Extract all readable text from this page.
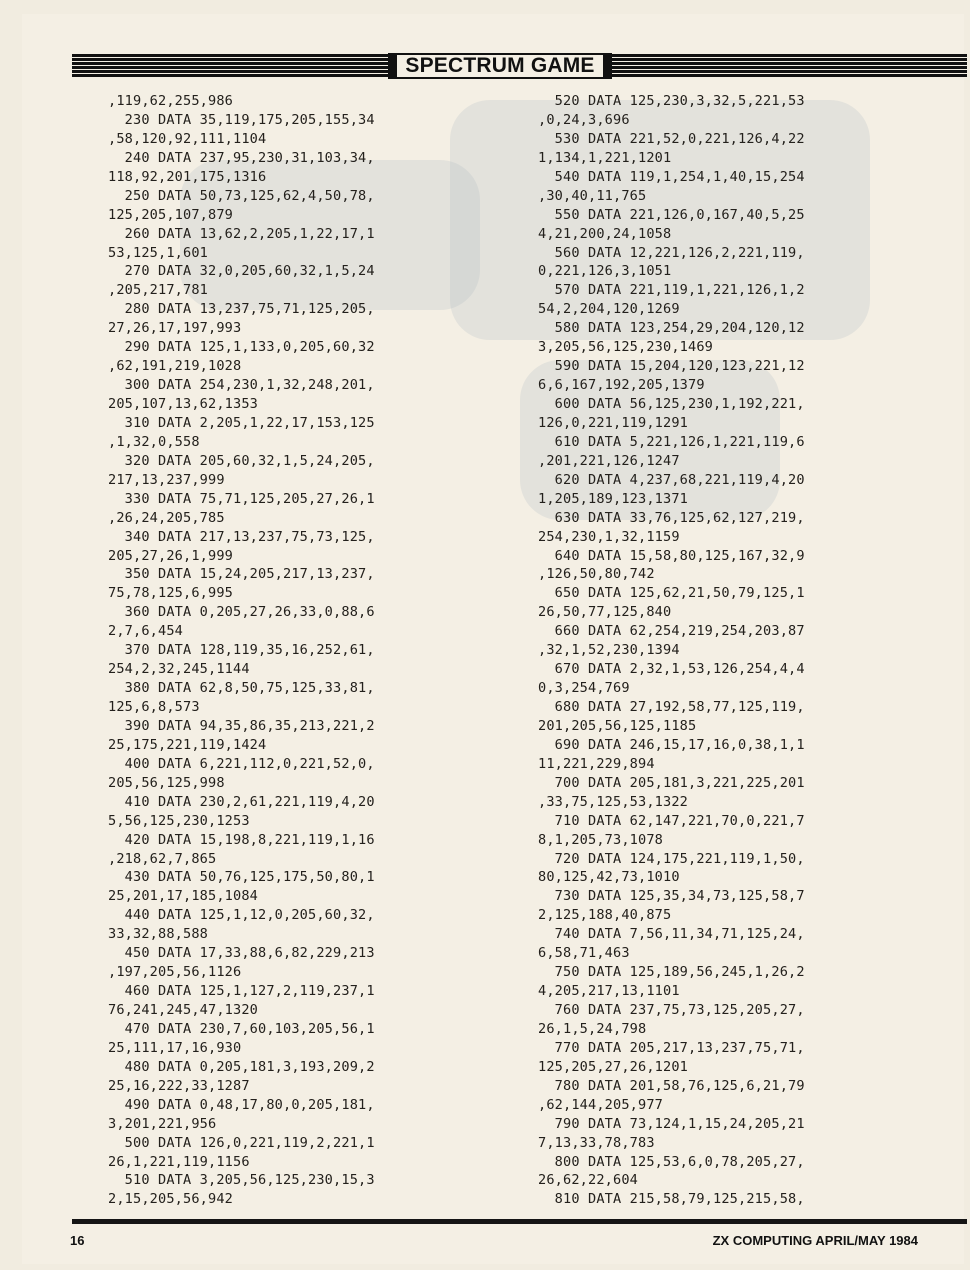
SPECTRUM GAME
,119,62,255,986
230 DATA 35,119,175,205,155,34
,58,120,92,111,1104
240 DATA 237,95,230,31,103,34,
118,92,201,175,1316
250 DATA 50,73,125,62,4,50,78,
125,205,107,879
260 DATA 13,62,2,205,1,22,17,1
53,125,1,601
270 DATA 32,0,205,60,32,1,5,24
,205,217,781
280 DATA 13,237,75,71,125,205,
27,26,17,197,993
290 DATA 125,1,133,0,205,60,32
,62,191,219,1028
300 DATA 254,230,1,32,248,201,
205,107,13,62,1353
310 DATA 2,205,1,22,17,153,125
,1,32,0,558
320 DATA 205,60,32,1,5,24,205,
217,13,237,999
330 DATA 75,71,125,205,27,26,1
,26,24,205,785
340 DATA 217,13,237,75,73,125,
205,27,26,1,999
350 DATA 15,24,205,217,13,237,
75,78,125,6,995
360 DATA 0,205,27,26,33,0,88,6
2,7,6,454
370 DATA 128,119,35,16,252,61,
254,2,32,245,1144
380 DATA 62,8,50,75,125,33,81,
125,6,8,573
390 DATA 94,35,86,35,213,221,2
25,175,221,119,1424
400 DATA 6,221,112,0,221,52,0,
205,56,125,998
410 DATA 230,2,61,221,119,4,20
5,56,125,230,1253
420 DATA 15,198,8,221,119,1,16
,218,62,7,865
430 DATA 50,76,125,175,50,80,1
25,201,17,185,1084
440 DATA 125,1,12,0,205,60,32,
33,32,88,588
450 DATA 17,33,88,6,82,229,213
,197,205,56,1126
460 DATA 125,1,127,2,119,237,1
76,241,245,47,1320
470 DATA 230,7,60,103,205,56,1
25,111,17,16,930
480 DATA 0,205,181,3,193,209,2
25,16,222,33,1287
490 DATA 0,48,17,80,0,205,181,
3,201,221,956
500 DATA 126,0,221,119,2,221,1
26,1,221,119,1156
510 DATA 3,205,56,125,230,15,3
2,15,205,56,942
520 DATA 125,230,3,32,5,221,53
,0,24,3,696
530 DATA 221,52,0,221,126,4,22
1,134,1,221,1201
540 DATA 119,1,254,1,40,15,254
,30,40,11,765
550 DATA 221,126,0,167,40,5,25
4,21,200,24,1058
560 DATA 12,221,126,2,221,119,
0,221,126,3,1051
570 DATA 221,119,1,221,126,1,2
54,2,204,120,1269
580 DATA 123,254,29,204,120,12
3,205,56,125,230,1469
590 DATA 15,204,120,123,221,12
6,6,167,192,205,1379
600 DATA 56,125,230,1,192,221,
126,0,221,119,1291
610 DATA 5,221,126,1,221,119,6
,201,221,126,1247
620 DATA 4,237,68,221,119,4,20
1,205,189,123,1371
630 DATA 33,76,125,62,127,219,
254,230,1,32,1159
640 DATA 15,58,80,125,167,32,9
,126,50,80,742
650 DATA 125,62,21,50,79,125,1
26,50,77,125,840
660 DATA 62,254,219,254,203,87
,32,1,52,230,1394
670 DATA 2,32,1,53,126,254,4,4
0,3,254,769
680 DATA 27,192,58,77,125,119,
201,205,56,125,1185
690 DATA 246,15,17,16,0,38,1,1
11,221,229,894
700 DATA 205,181,3,221,225,201
,33,75,125,53,1322
710 DATA 62,147,221,70,0,221,7
8,1,205,73,1078
720 DATA 124,175,221,119,1,50,
80,125,42,73,1010
730 DATA 125,35,34,73,125,58,7
2,125,188,40,875
740 DATA 7,56,11,34,71,125,24,
6,58,71,463
750 DATA 125,189,56,245,1,26,2
4,205,217,13,1101
760 DATA 237,75,73,125,205,27,
26,1,5,24,798
770 DATA 205,217,13,237,75,71,
125,205,27,26,1201
780 DATA 201,58,76,125,6,21,79
,62,144,205,977
790 DATA 73,124,1,15,24,205,21
7,13,33,78,783
800 DATA 125,53,6,0,78,205,27,
26,62,22,604
810 DATA 215,58,79,125,215,58,
16	ZX COMPUTING APRIL/MAY 1984
